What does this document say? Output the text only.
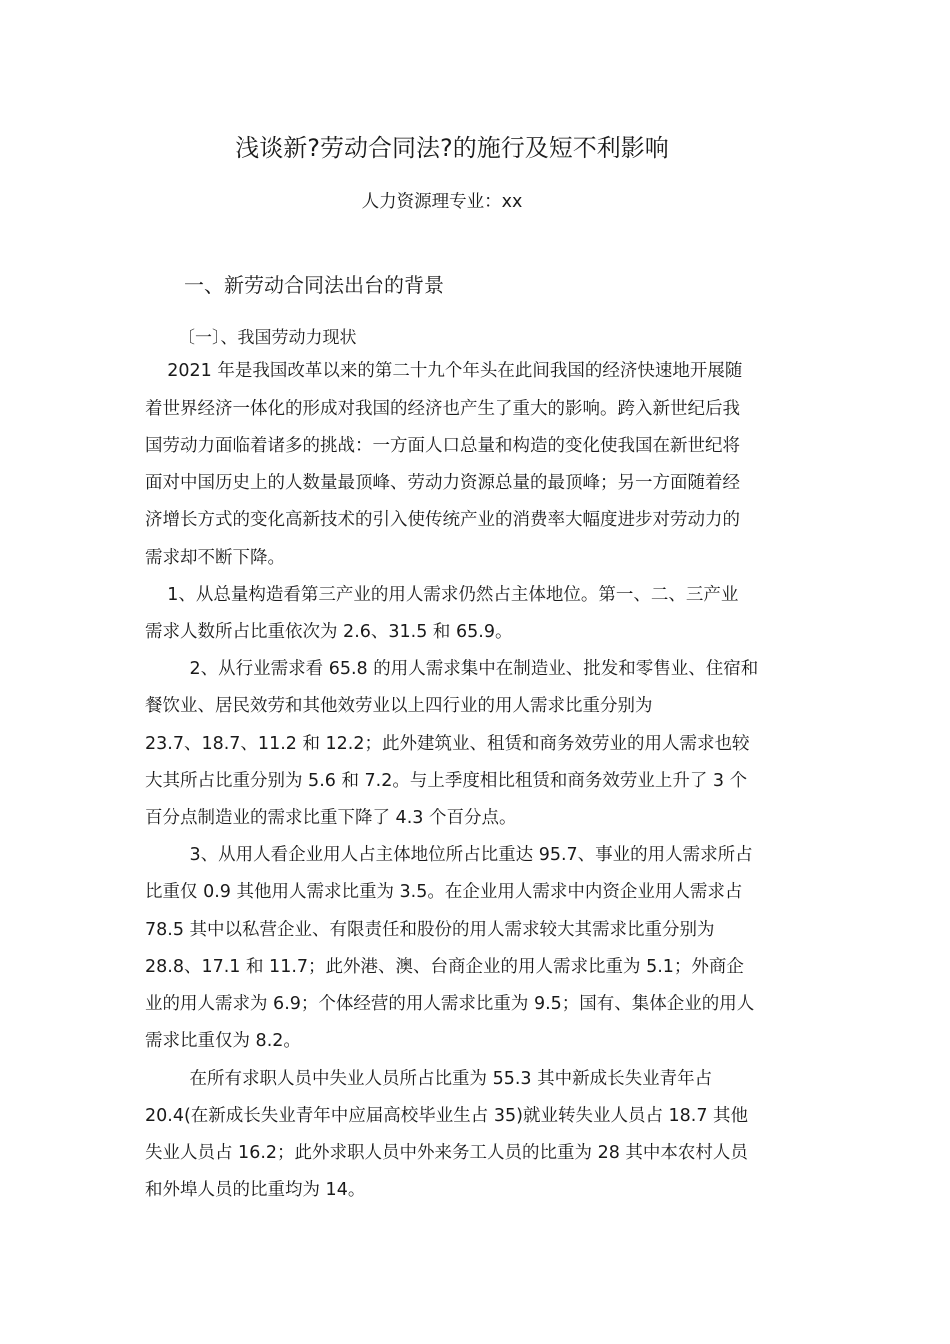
浅谈新?劳动合同法?的施行及短不利影响
人力资源理专业：xx
一、新劳动合同法出台的背景
〔一〕、我国劳动力现状
2021 年是我国改革以来的第二十九个年头在此间我国的经济快速地开展随
着世界经济一体化的形成对我国的经济也产生了重大的影响。跨入新世纪后我
国劳动力面临着诸多的挑战：一方面人口总量和构造的变化使我国在新世纪将
面对中国历史上的人数量最顶峰、劳动力资源总量的最顶峰；另一方面随着经
济增长方式的变化高新技术的引入使传统产业的消费率大幅度进步对劳动力的
需求却不断下降。
1、从总量构造看第三产业的用人需求仍然占主体地位。第一、二、三产业
需求人数所占比重依次为 2.6、31.5 和 65.9。
2、从行业需求看 65.8 的用人需求集中在制造业、批发和零售业、住宿和
餐饮业、居民效劳和其他效劳业以上四行业的用人需求比重分别为
23.7、18.7、11.2 和 12.2；此外建筑业、租赁和商务效劳业的用人需求也较
大其所占比重分别为 5.6 和 7.2。与上季度相比租赁和商务效劳业上升了 3 个
百分点制造业的需求比重下降了 4.3 个百分点。
3、从用人看企业用人占主体地位所占比重达 95.7、事业的用人需求所占
比重仅 0.9 其他用人需求比重为 3.5。在企业用人需求中内资企业用人需求占
78.5 其中以私营企业、有限责任和股份的用人需求较大其需求比重分别为
28.8、17.1 和 11.7；此外港、澳、台商企业的用人需求比重为 5.1；外商企
业的用人需求为 6.9；个体经营的用人需求比重为 9.5；国有、集体企业的用人
需求比重仅为 8.2。
在所有求职人员中失业人员所占比重为 55.3 其中新成长失业青年占
20.4(在新成长失业青年中应届高校毕业生占 35)就业转失业人员占 18.7 其他
失业人员占 16.2；此外求职人员中外来务工人员的比重为 28 其中本农村人员
和外埠人员的比重均为 14。
